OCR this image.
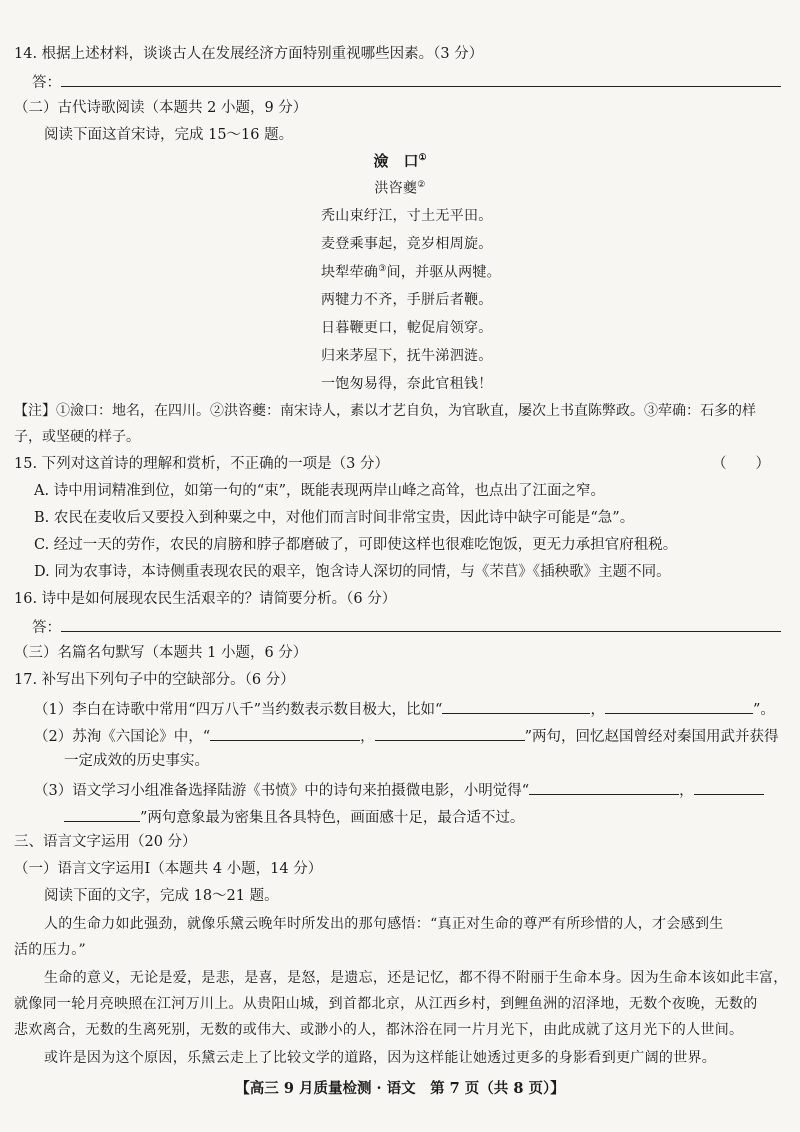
14. 根据上述材料，谈谈古人在发展经济方面特别重视哪些因素。（3 分）
答：
（二）古代诗歌阅读（本题共 2 小题，9 分）
阅读下面这首宋诗，完成 15～16 题。
澰　口①
洪咨夔②
秃山束纡江，寸土无平田。
麦登乘事起，竞岁相周旋。
块犁荦确③间，并驱从两犍。
两犍力不齐，手胼后者鞭。
日暮鞭更口，軶促肩领穿。
归来茅屋下，抚牛涕泗涟。
一饱匆易得，奈此官租钱！
【注】①澰口：地名，在四川。②洪咨夔：南宋诗人，素以才艺自负，为官耿直，屡次上书直陈弊政。③荦确：石多的样
子，或坚硬的样子。
15. 下列对这首诗的理解和赏析，不正确的一项是（3 分）	（　　）
A. 诗中用词精准到位，如第一句的“束”，既能表现两岸山峰之高耸，也点出了江面之窄。
B. 农民在麦收后又要投入到种粟之中，对他们而言时间非常宝贵，因此诗中缺字可能是“急”。
C. 经过一天的劳作，农民的肩膀和脖子都磨破了，可即使这样也很难吃饱饭，更无力承担官府租税。
D. 同为农事诗，本诗侧重表现农民的艰辛，饱含诗人深切的同情，与《芣苢》《插秧歌》主题不同。
16. 诗中是如何展现农民生活艰辛的？请简要分析。（6 分）
答：
（三）名篇名句默写（本题共 1 小题，6 分）
17. 补写出下列句子中的空缺部分。（6 分）
（1）李白在诗歌中常用“四万八千”当约数表示数目极大，比如“	，	”。
（2）苏洵《六国论》中，“	，	”两句，回忆赵国曾经对秦国用武并获得
一定成效的历史事实。
（3）语文学习小组准备选择陆游《书愤》中的诗句来拍摄微电影，小明觉得“	，
”两句意象最为密集且各具特色，画面感十足，最合适不过。
三、语言文字运用（20 分）
（一）语言文字运用Ⅰ（本题共 4 小题，14 分）
阅读下面的文字，完成 18～21 题。
人的生命力如此强劲，就像乐黛云晚年时所发出的那句感悟：“真正对生命的尊严有所珍惜的人，才会感到生
活的压力。”
生命的意义，无论是爱，是悲，是喜，是怒，是遗忘，还是记忆，都不得不附丽于生命本身。因为生命本该如此丰富，
就像同一轮月亮映照在江河万川上。从贵阳山城，到首都北京，从江西乡村，到鲤鱼洲的沼泽地，无数个夜晚，无数的
悲欢离合，无数的生离死别，无数的或伟大、或渺小的人，都沐浴在同一片月光下，由此成就了这月光下的人世间。
或许是因为这个原因，乐黛云走上了比较文学的道路，因为这样能让她透过更多的身影看到更广阔的世界。
【高三 9 月质量检测 · 语文　第 7 页（共 8 页）】
